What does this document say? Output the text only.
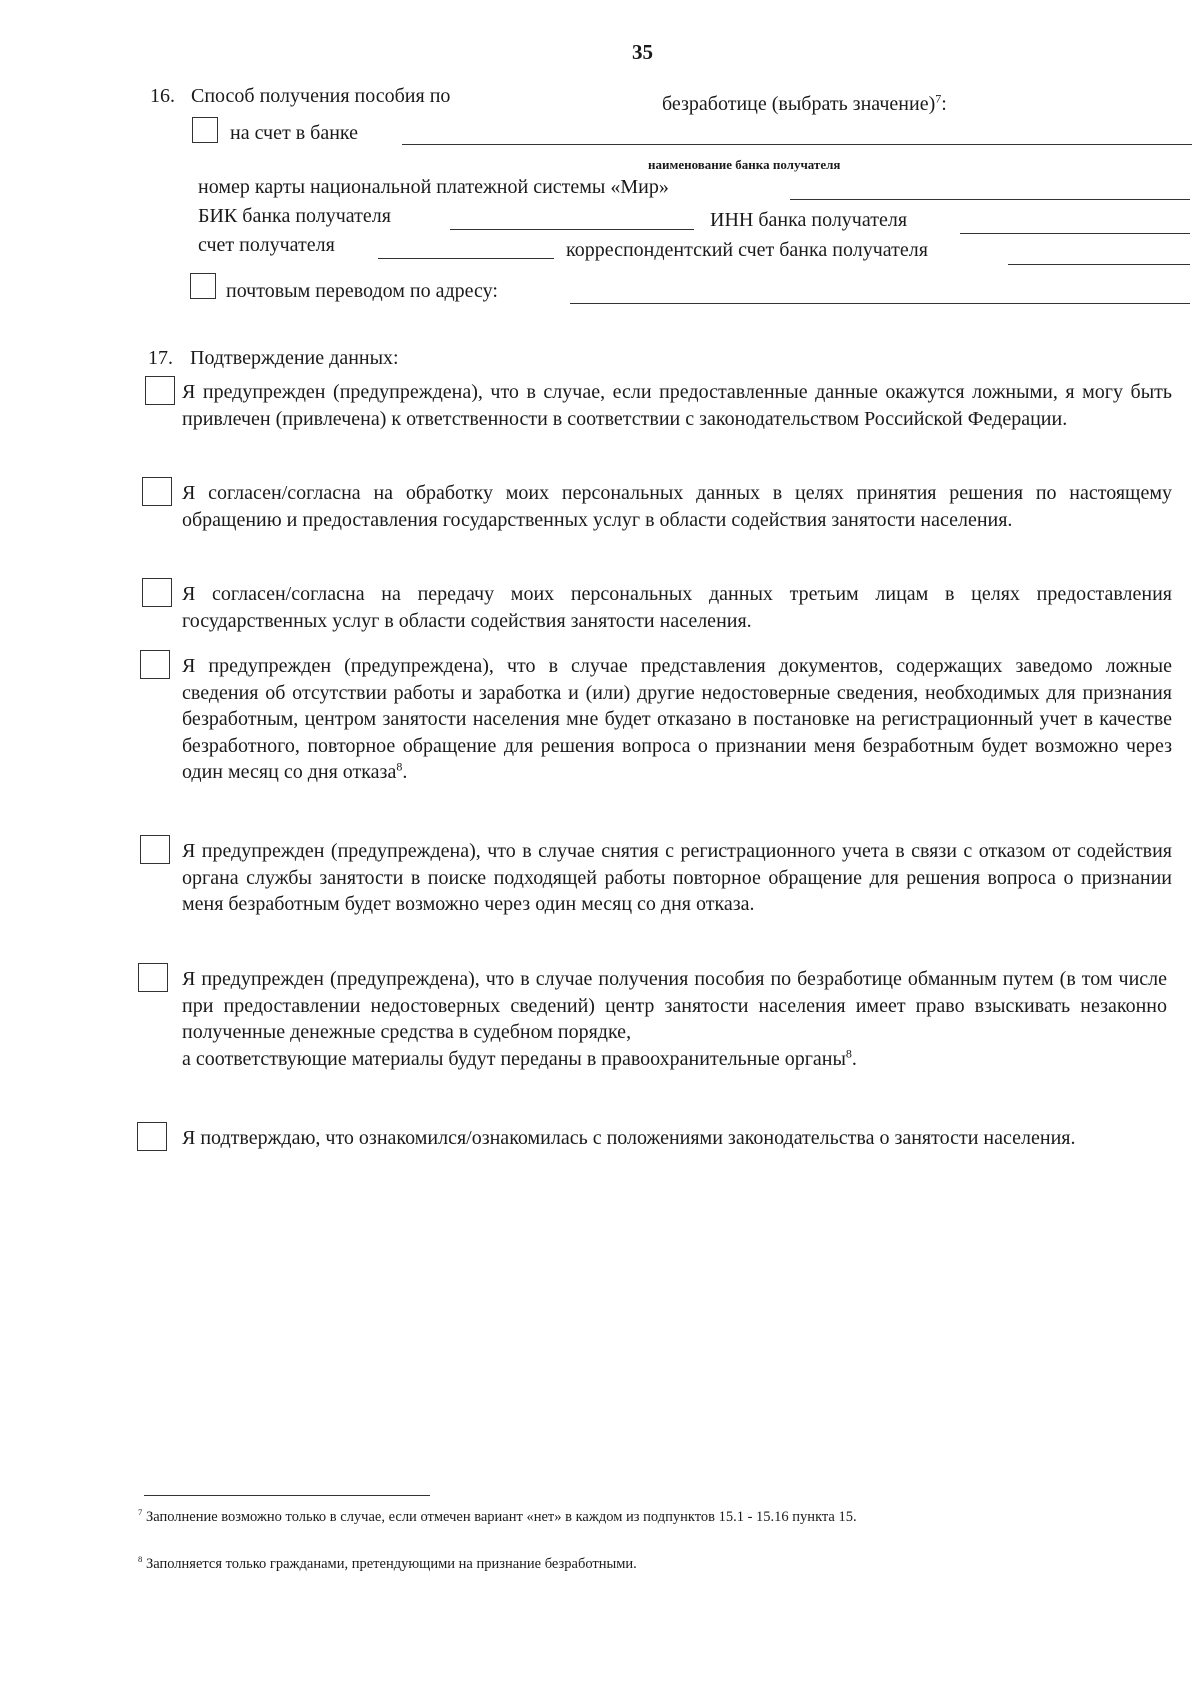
35
16. Способ получения пособия по	безработице (выбрать значение)$^7$:
на счет в банке
наименование банка получателя
номер карты национальной платежной системы «Мир»
БИК банка получателя	ИНН банка получателя
счет получателя	корреспондентский счет банка получателя
почтовым переводом по адресу:
17. Подтверждение данных:

Я предупрежден (предупреждена), что в случае, если предоставленные данные окажутся ложными, я могу быть привлечен (привлечена) к ответственности в соответствии с законодательством Российской Федерации.

Я согласен/согласна на обработку моих персональных данных в целях принятия решения по настоящему обращению и предоставления государственных услуг в области содействия занятости населения.

Я согласен/согласна на передачу моих персональных данных третьим лицам в целях предоставления государственных услуг в области содействия занятости населения.

Я предупрежден (предупреждена), что в случае представления документов, содержащих заведомо ложные сведения об отсутствии работы и заработка и (или) другие недостоверные сведения, необходимых для признания безработным, центром занятости населения мне будет отказано в постановке на регистрационный учет в качестве безработного, повторное обращение для решения вопроса о признании меня безработным будет возможно через один месяц со дня отказа$^8$.

Я предупрежден (предупреждена), что в случае снятия с регистрационного учета в связи с отказом от содействия органа службы занятости в поиске подходящей работы повторное обращение для решения вопроса о признании меня безработным будет возможно через один месяц со дня отказа.

Я предупрежден (предупреждена), что в случае получения пособия по безработице обманным путем (в том числе при предоставлении недостоверных сведений) центр занятости населения имеет право взыскивать незаконно полученные денежные средства в судебном порядке,

а соответствующие материалы будут переданы в правоохранительные органы$^8$.

Я подтверждаю, что ознакомился/ознакомилась с положениями законодательства о занятости населения.

$^7$ Заполнение возможно только в случае, если отмечен вариант «нет» в каждом из подпунктов 15.1 - 15.16 пункта 15.
$^8$ Заполняется только гражданами, претендующими на признание безработными.
